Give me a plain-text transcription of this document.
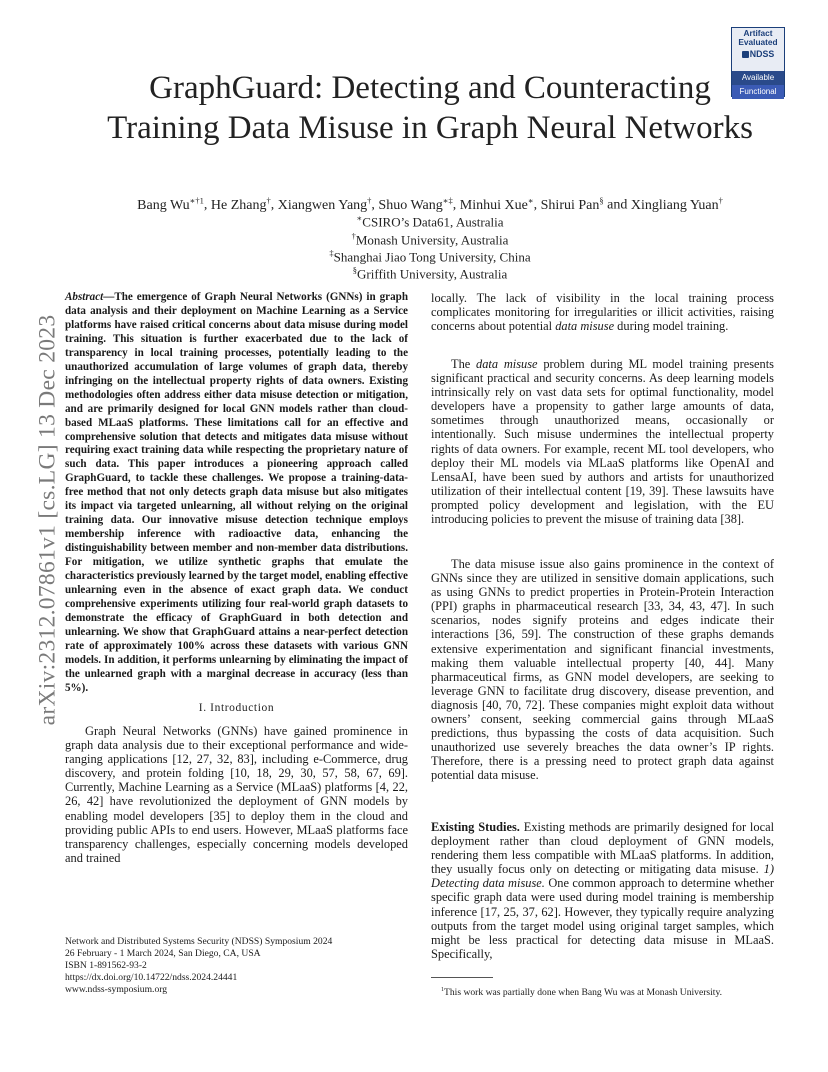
arXiv:2312.07861v1 [cs.LG] 13 Dec 2023
Artifact
Evaluated
NDSS
Available
Functional
GraphGuard: Detecting and Counteracting
Training Data Misuse in Graph Neural Networks
Bang $Wu^{∗\dagger 1}$, He Zhang†, Xiangwen Yang†, Shuo Wang∗‡, Minhui Xue∗, Shirui Pan§ and Xingliang Yuan†
∗CSIRO’s Data61, Australia
†Monash University, Australia
‡Shanghai Jiao Tong University, China
§Griffith University, Australia
Abstract—The emergence of Graph Neural Networks (GNNs) in graph data analysis and their deployment on Machine Learning as a Service platforms have raised critical concerns about data misuse during model training. This situation is further exacerbated due to the lack of transparency in local training processes, potentially leading to the unauthorized accumulation of large volumes of graph data, thereby infringing on the intellectual property rights of data owners. Existing methodologies often address either data misuse detection or mitigation, and are primarily designed for local GNN models rather than cloud-based MLaaS platforms. These limitations call for an effective and comprehensive solution that detects and mitigates data misuse without requiring exact training data while respecting the proprietary nature of such data. This paper introduces a pioneering approach called GraphGuard, to tackle these challenges. We propose a training-data-free method that not only detects graph data misuse but also mitigates its impact via targeted unlearning, all without relying on the original training data. Our innovative misuse detection technique employs membership inference with radioactive data, enhancing the distinguishability between member and non-member data distributions. For mitigation, we utilize synthetic graphs that emulate the characteristics previously learned by the target model, enabling effective unlearning even in the absence of exact graph data. We conduct comprehensive experiments utilizing four real-world graph datasets to demonstrate the efficacy of GraphGuard in both detection and unlearning. We show that GraphGuard attains a near-perfect detection rate of approximately 100% across these datasets with various GNN models. In addition, it performs unlearning by eliminating the impact of the unlearned graph with a marginal decrease in accuracy (less than 5%).
I. Introduction
Graph Neural Networks (GNNs) have gained prominence in graph data analysis due to their exceptional performance and wide-ranging applications [12, 27, 32, 83], including e-Commerce, drug discovery, and protein folding [10, 18, 29, 30, 57, 58, 67, 69]. Currently, Machine Learning as a Service (MLaaS) platforms [4, 22, 26, 42] have revolutionized the deployment of GNN models by enabling model developers [35] to deploy them in the cloud and providing public APIs to end users. However, MLaaS platforms face transparency challenges, especially concerning models developed and trained
Network and Distributed Systems Security (NDSS) Symposium 2024
26 February - 1 March 2024, San Diego, CA, USA
ISBN 1-891562-93-2
https://dx.doi.org/10.14722/ndss.2024.24441
www.ndss-symposium.org

locally. The lack of visibility in the local training process complicates monitoring for irregularities or illicit activities, raising concerns about potential data misuse during model training.

The data misuse problem during ML model training presents significant practical and security concerns. As deep learning models intrinsically rely on vast data sets for optimal functionality, model developers have a propensity to gather large amounts of data, sometimes through unauthorized means, occasionally or intentionally. Such misuse undermines the intellectual property rights of data owners. For example, recent ML tool developers, who deploy their ML models via MLaaS platforms like OpenAI and LensaAI, have been sued by authors and artists for unauthorized utilization of their intellectual content [19, 39]. These lawsuits have prompted policy development and legislation, with the EU introducing policies to prevent the misuse of training data [38].

The data misuse issue also gains prominence in the context of GNNs since they are utilized in sensitive domain applications, such as using GNNs to predict properties in Protein-Protein Interaction (PPI) graphs in pharmaceutical research [33, 34, 43, 47]. In such scenarios, nodes signify proteins and edges indicate their interactions [36, 59]. The construction of these graphs demands extensive experimentation and significant financial investments, making them valuable intellectual property [40, 44]. Many pharmaceutical firms, as GNN model developers, are seeking to leverage GNN to facilitate drug discovery, disease prevention, and diagnosis [40, 70, 72]. These companies might exploit data without owners’ consent, seeking commercial gains through MLaaS predictions, thus bypassing the costs of data acquisition. Such unauthorized use severely breaches the data owner’s IP rights. Therefore, there is a pressing need to protect graph data against potential data misuse.

Existing Studies. Existing methods are primarily designed for local deployment rather than cloud deployment of GNN models, rendering them less compatible with MLaaS platforms. In addition, they usually focus only on detecting or mitigating data misuse. 1) Detecting data misuse. One common approach to determine whether specific graph data were used during model training is membership inference [17, 25, 37, 62]. However, they typically require analyzing outputs from the target model using original target samples, which might be less practical for detecting data misuse in MLaaS. Specifically,

$^1$This work was partially done when Bang Wu was at Monash University.
